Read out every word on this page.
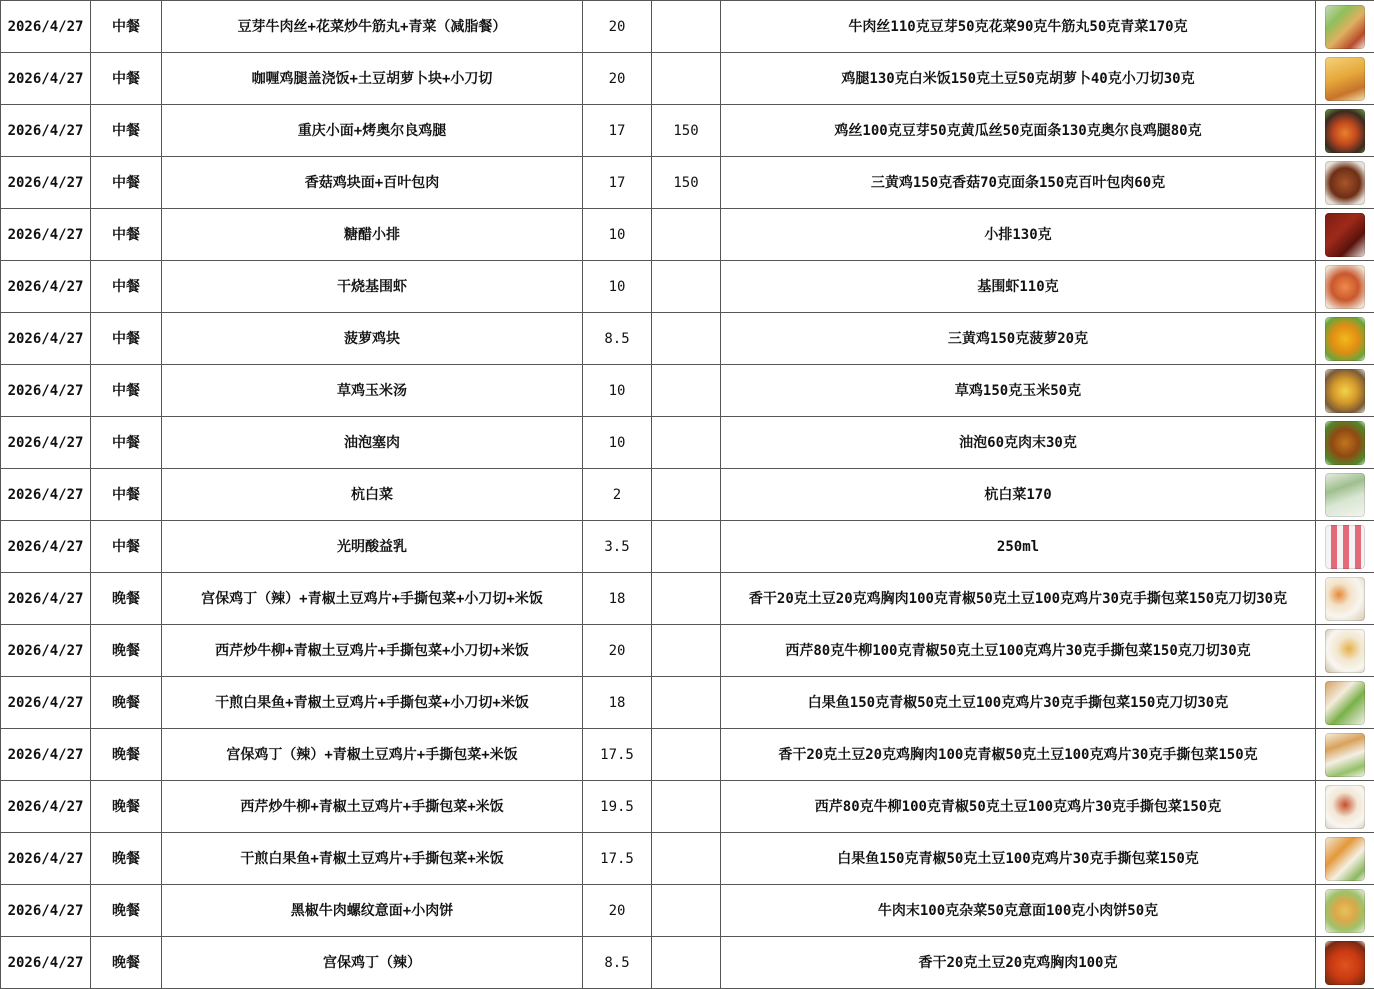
2026/4/27	中餐	豆芽牛肉丝+花菜炒牛筋丸+青菜（减脂餐）	20		牛肉丝110克豆芽50克花菜90克牛筋丸50克青菜170克	

2026/4/27	中餐	咖喱鸡腿盖浇饭+土豆胡萝卜块+小刀切	20		鸡腿130克白米饭150克土豆50克胡萝卜40克小刀切30克	

2026/4/27	中餐	重庆小面+烤奥尔良鸡腿	17	150	鸡丝100克豆芽50克黄瓜丝50克面条130克奥尔良鸡腿80克	

2026/4/27	中餐	香菇鸡块面+百叶包肉	17	150	三黄鸡150克香菇70克面条150克百叶包肉60克	

2026/4/27	中餐	糖醋小排	10		小排130克	

2026/4/27	中餐	干烧基围虾	10		基围虾110克	

2026/4/27	中餐	菠萝鸡块	8.5		三黄鸡150克菠萝20克	

2026/4/27	中餐	草鸡玉米汤	10		草鸡150克玉米50克	

2026/4/27	中餐	油泡塞肉	10		油泡60克肉末30克	

2026/4/27	中餐	杭白菜	2		杭白菜170	

2026/4/27	中餐	光明酸益乳	3.5		250ml	

2026/4/27	晚餐	宫保鸡丁（辣）+青椒土豆鸡片+手撕包菜+小刀切+米饭	18		香干20克土豆20克鸡胸肉100克青椒50克土豆100克鸡片30克手撕包菜150克刀切30克	

2026/4/27	晚餐	西芹炒牛柳+青椒土豆鸡片+手撕包菜+小刀切+米饭	20		西芹80克牛柳100克青椒50克土豆100克鸡片30克手撕包菜150克刀切30克	

2026/4/27	晚餐	干煎白果鱼+青椒土豆鸡片+手撕包菜+小刀切+米饭	18		白果鱼150克青椒50克土豆100克鸡片30克手撕包菜150克刀切30克	

2026/4/27	晚餐	宫保鸡丁（辣）+青椒土豆鸡片+手撕包菜+米饭	17.5		香干20克土豆20克鸡胸肉100克青椒50克土豆100克鸡片30克手撕包菜150克	

2026/4/27	晚餐	西芹炒牛柳+青椒土豆鸡片+手撕包菜+米饭	19.5		西芹80克牛柳100克青椒50克土豆100克鸡片30克手撕包菜150克	

2026/4/27	晚餐	干煎白果鱼+青椒土豆鸡片+手撕包菜+米饭	17.5		白果鱼150克青椒50克土豆100克鸡片30克手撕包菜150克	

2026/4/27	晚餐	黑椒牛肉螺纹意面+小肉饼	20		牛肉末100克杂菜50克意面100克小肉饼50克	

2026/4/27	晚餐	宫保鸡丁（辣）	8.5		香干20克土豆20克鸡胸肉100克	
